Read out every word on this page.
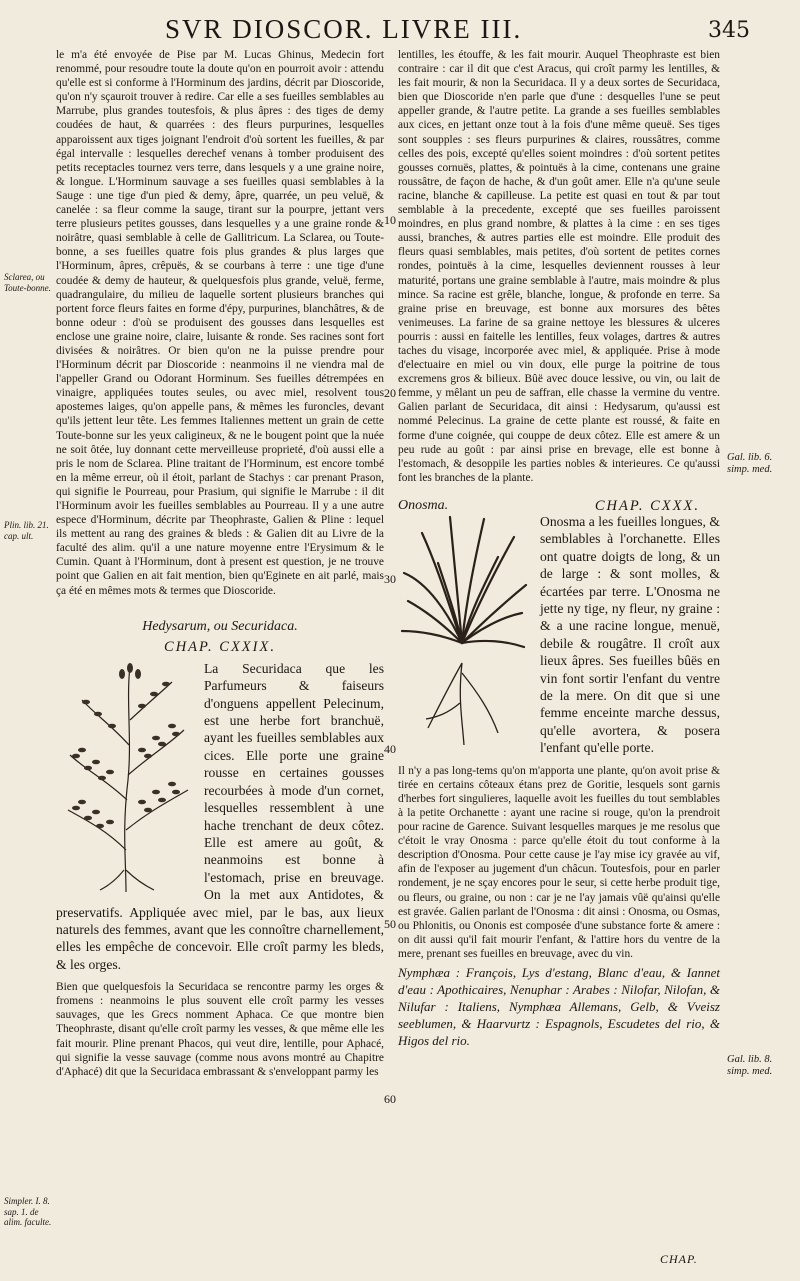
SVR DIOSCOR. LIVRE III.	345

le m'a été envoyée de Pise par M. Lucas Ghinus, Medecin fort renommé, pour resoudre toute la doute qu'on en pourroit avoir : attendu qu'elle est si conforme à l'Horminum des jardins, décrit par Dioscoride, qu'on n'y sçauroit trouver à redire. Car elle a ses fueilles semblables au Marrube, plus grandes toutesfois, & plus âpres : des tiges de demy coudées de haut, & quarrées : des fleurs purpurines, lesquelles apparoissent aux tiges joignant l'endroit d'où sortent les fueilles, & par égal intervalle : lesquelles derechef venans à tomber produisent des petits receptacles tournez vers terre, dans lesquels y a une graine noire, & longue. L'Horminum sauvage a ses fueilles quasi semblables à la Sauge : une tige d'un pied & demy, âpre, quarrée, un peu veluë, & canelée : sa fleur comme la sauge, tirant sur la pourpre, jettant vers terre plusieurs petites gousses, dans lesquelles y a une graine ronde & noirâtre, quasi semblable à celle de Gallitricum. La Sclarea, ou Toute-bonne, a ses fueilles quatre fois plus grandes & plus larges que l'Horminum, âpres, crêpuës, & se courbans à terre : une tige d'une coudée & demy de hauteur, & quelquesfois plus grande, veluë, ferme, quadrangulaire, du milieu de laquelle sortent plusieurs branches qui portent force fleurs faites en forme d'épy, purpurines, blanchâtres, & de bonne odeur : d'où se produisent des gousses dans lesquelles est enclose une graine noire, claire, luisante & ronde. Ses racines sont fort divisées & noirâtres. Or bien qu'on ne la puisse prendre pour l'Horminum décrit par Dioscoride : neanmoins il ne viendra mal de l'appeller Grand ou Odorant Horminum. Ses fueilles détrempées en vinaigre, appliquées toutes seules, ou avec miel, resolvent tous apostemes laiges, qu'on appelle pans, & mêmes les furoncles, devant qu'ils jettent leur tête. Les femmes Italiennes mettent un grain de cette Toute-bonne sur les yeux caligineux, & ne le bougent point que la nuée ne soit ôtée, luy donnant cette merveilleuse proprieté, d'où aussi elle a pris le nom de Sclarea. Pline traitant de l'Horminum, est encore tombé en la même erreur, où il étoit, parlant de Stachys : car prenant Prason, qui signifie le Pourreau, pour Prasium, qui signifie le Marrube : il dit l'Horminum avoir les fueilles semblables au Pourreau. Il y a une autre espece d'Horminum, décrite par Theophraste, Galien & Pline : lequel ils mettent au rang des graines & bleds : & Galien dit au Livre de la faculté des alim. qu'il a une nature moyenne entre l'Erysimum & le Cumin. Quant à l'Horminum, dont à present est question, je ne trouve point que Galien en ait fait mention, bien qu'Eginete en ait parlé, mais ça été en mêmes mots & termes que Dioscoride.

Hedysarum, ou Securidaca.
CHAP. CXXIX.

La Securidaca que les Parfumeurs & faiseurs d'onguens appellent Pelecinum, est une herbe fort branchuë, ayant les fueilles semblables aux cices. Elle porte une graine rousse en certaines gousses recourbées à mode d'un cornet, lesquelles ressemblent à une hache trenchant de deux côtez. Elle est amere au goût, & neanmoins est bonne à l'estomach, prise en breuvage. On la met aux Antidotes, & preservatifs. Appliquée avec miel, par le bas, aux lieux naturels des femmes, avant que les connoître charnellement, elles les empêche de concevoir. Elle croît parmy les bleds, & les orges.

Bien que quelquesfois la Securidaca se rencontre parmy les orges & fromens : neanmoins le plus souvent elle croît parmy les vesses sauvages, que les Grecs nomment Aphaca. Ce que montre bien Theophraste, disant qu'elle croît parmy les vesses, & que même elle les fait mourir. Pline prenant Phacos, qui veut dire, lentille, pour Aphacé, qui signifie la vesse sauvage (comme nous avons montré au Chapitre d'Aphacé) dit que la Securidaca embrassant & s'enveloppant parmy les

lentilles, les étouffe, & les fait mourir. Auquel Theophraste est bien contraire : car il dit que c'est Aracus, qui croît parmy les lentilles, & les fait mourir, & non la Securidaca. Il y a deux sortes de Securidaca, bien que Dioscoride n'en parle que d'une : desquelles l'une se peut appeller grande, & l'autre petite. La grande a ses fueilles semblables aux cices, en jettant onze tout à la fois d'une même queuë. Ses tiges sont soupples : ses fleurs purpurines & claires, roussâtres, comme celles des pois, excepté qu'elles soient moindres : d'où sortent petites gousses cornuës, plattes, & pointuës à la cime, contenans une graine roussâtre, de façon de hache, & d'un goût amer. Elle n'a qu'une seule racine, blanche & capilleuse. La petite est quasi en tout & par tout semblable à la precedente, excepté que ses fueilles paroissent moindres, en plus grand nombre, & plattes à la cime : en ses tiges aussi, branches, & autres parties elle est moindre. Elle produit des fleurs quasi semblables, mais petites, d'où sortent de petites cornes rondes, pointuës à la cime, lesquelles deviennent rousses à leur maturité, portans une graine semblable à l'autre, mais moindre & plus mince. Sa racine est grêle, blanche, longue, & profonde en terre. Sa graine prise en breuvage, est bonne aux morsures des bêtes venimeuses. La farine de sa graine nettoye les blessures & ulceres pourris : aussi en faitelle les lentilles, feux volages, dartres & autres taches du visage, incorporée avec miel, & appliquée. Prise à mode d'electuaire en miel ou vin doux, elle purge la poitrine de tous excremens gros & bilieux. Bûë avec douce lessive, ou vin, ou lait de femme, y mêlant un peu de saffran, elle chasse la vermine du ventre. Galien parlant de Securidaca, dit ainsi : Hedysarum, qu'aussi est nommé Pelecinus. La graine de cette plante est roussé, & faite en forme d'une coignée, qui couppe de deux côtez. Elle est amere & un peu rude au goût : par ainsi prise en brevage, elle est bonne à l'estomach, & desoppile les parties nobles & interieures. Ce qu'aussi font les branches de la plante.

Onosma.	CHAP. CXXX.

Onosma a les fueilles longues, & semblables à l'orchanette. Elles ont quatre doigts de long, & un de large : & sont molles, & écartées par terre. L'Onosma ne jette ny tige, ny fleur, ny graine : & a une racine longue, menuë, debile & rougâtre. Il croît aux lieux âpres. Ses fueilles bûës en vin font sortir l'enfant du ventre de la mere. On dit que si une femme enceinte marche dessus, qu'elle avortera, & posera l'enfant qu'elle porte.

Il n'y a pas long-tems qu'on m'apporta une plante, qu'on avoit prise & tirée en certains côteaux étans prez de Goritie, lesquels sont garnis d'herbes fort singulieres, laquelle avoit les fueilles du tout semblables à la petite Orchanette : ayant une racine si rouge, qu'on la prendroit pour racine de Garence. Suivant lesquelles marques je me resolus que c'étoit le vray Onosma : parce qu'elle étoit du tout conforme à la description d'Onosma. Pour cette cause je l'ay mise icy gravée au vif, afin de l'exposer au jugement d'un châcun. Toutesfois, pour en parler rondement, je ne sçay encores pour le seur, si cette herbe produit tige, ou fleurs, ou graine, ou non : car je ne l'ay jamais vûë qu'ainsi qu'elle est gravée. Galien parlant de l'Onosma : dit ainsi : Onosma, ou Osmas, ou Phlonitis, ou Ononis est composée d'une substance forte & amere : on dit aussi qu'il fait mourir l'enfant, & l'attire hors du ventre de la mere, prenant ses fueilles en breuvage, avec du vin.

Nymphæa : François, Lys d'estang, Blanc d'eau, & Iannet d'eau : Apothicaires, Nenuphar : Arabes : Nilofar, Nilofan, & Nilufar : Italiens, Nymphæa Allemans, Gelb, & Vveisz seeblumen, & Haarvurtz : Espagnols, Escudetes del rio, & Higos del rio.

10
20
30
40
50
60
Sclarea, ou Toute-bonne.
Plin. lib. 21. cap. ult.
Simpler. I. 8. sap. 1. de alim. faculte.
Gal. lib. 6. simp. med.
Gal. lib. 8. simp. med.
CHAP.
